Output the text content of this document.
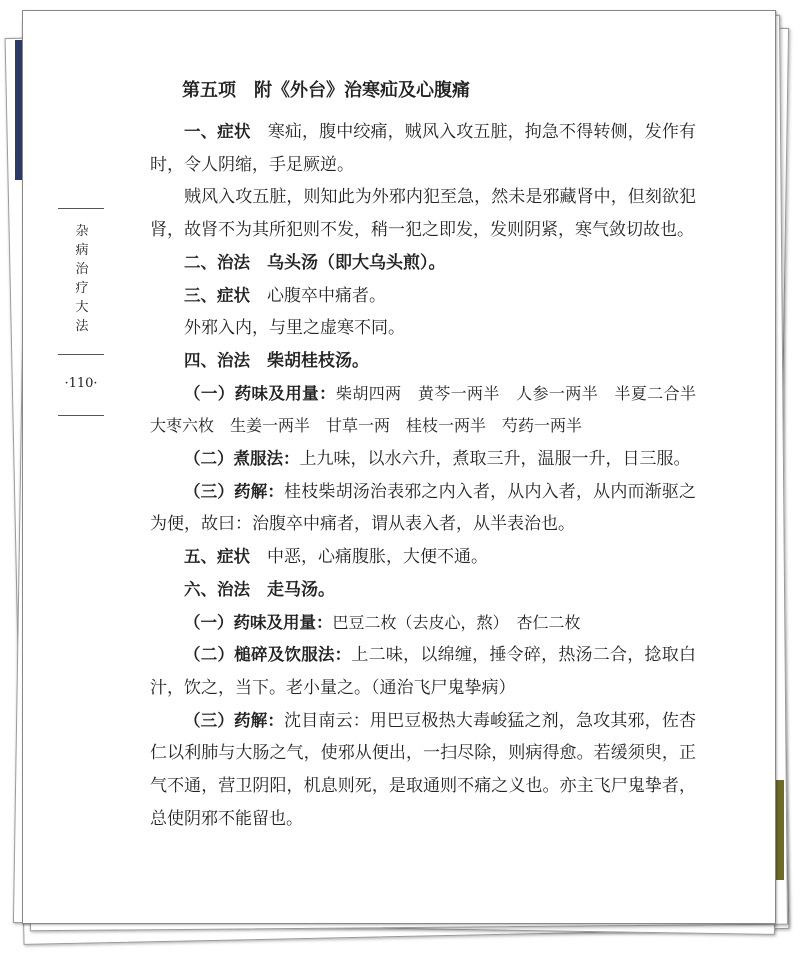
杂病治疗大法
·110·
第五项　附《外台》治寒疝及心腹痛

一、症状  寒疝，腹中绞痛，贼风入攻五脏，拘急不得转侧，发作有时，令人阴缩，手足厥逆。

贼风入攻五脏，则知此为外邪内犯至急，然未是邪藏肾中，但刻欲犯肾，故肾不为其所犯则不发，稍一犯之即发，发则阴紧，寒气敛切故也。

二、治法  乌头汤（即大乌头煎）。

三、症状  心腹卒中痛者。

外邪入内，与里之虚寒不同。

四、治法  柴胡桂枝汤。

（一）药味及用量：柴胡四两　黄芩一两半　人参一两半　半夏二合半　大枣六枚　生姜一两半　甘草一两　桂枝一两半　芍药一两半

（二）煮服法：上九味，以水六升，煮取三升，温服一升，日三服。

（三）药解：桂枝柴胡汤治表邪之内入者，从内入者，从内而渐驱之为便，故曰：治腹卒中痛者，谓从表入者，从半表治也。

五、症状  中恶，心痛腹胀，大便不通。

六、治法  走马汤。

（一）药味及用量：巴豆二枚（去皮心，熬）　杏仁二枚

（二）槌碎及饮服法：上二味，以绵缠，捶令碎，热汤二合，捻取白汁，饮之，当下。老小量之。（通治飞尸鬼挚病）

（三）药解：沈目南云：用巴豆极热大毒峻猛之剂，急攻其邪，佐杏仁以利肺与大肠之气，使邪从便出，一扫尽除，则病得愈。若缓须臾，正气不通，营卫阴阳，机息则死，是取通则不痛之义也。亦主飞尸鬼挚者，总使阴邪不能留也。
